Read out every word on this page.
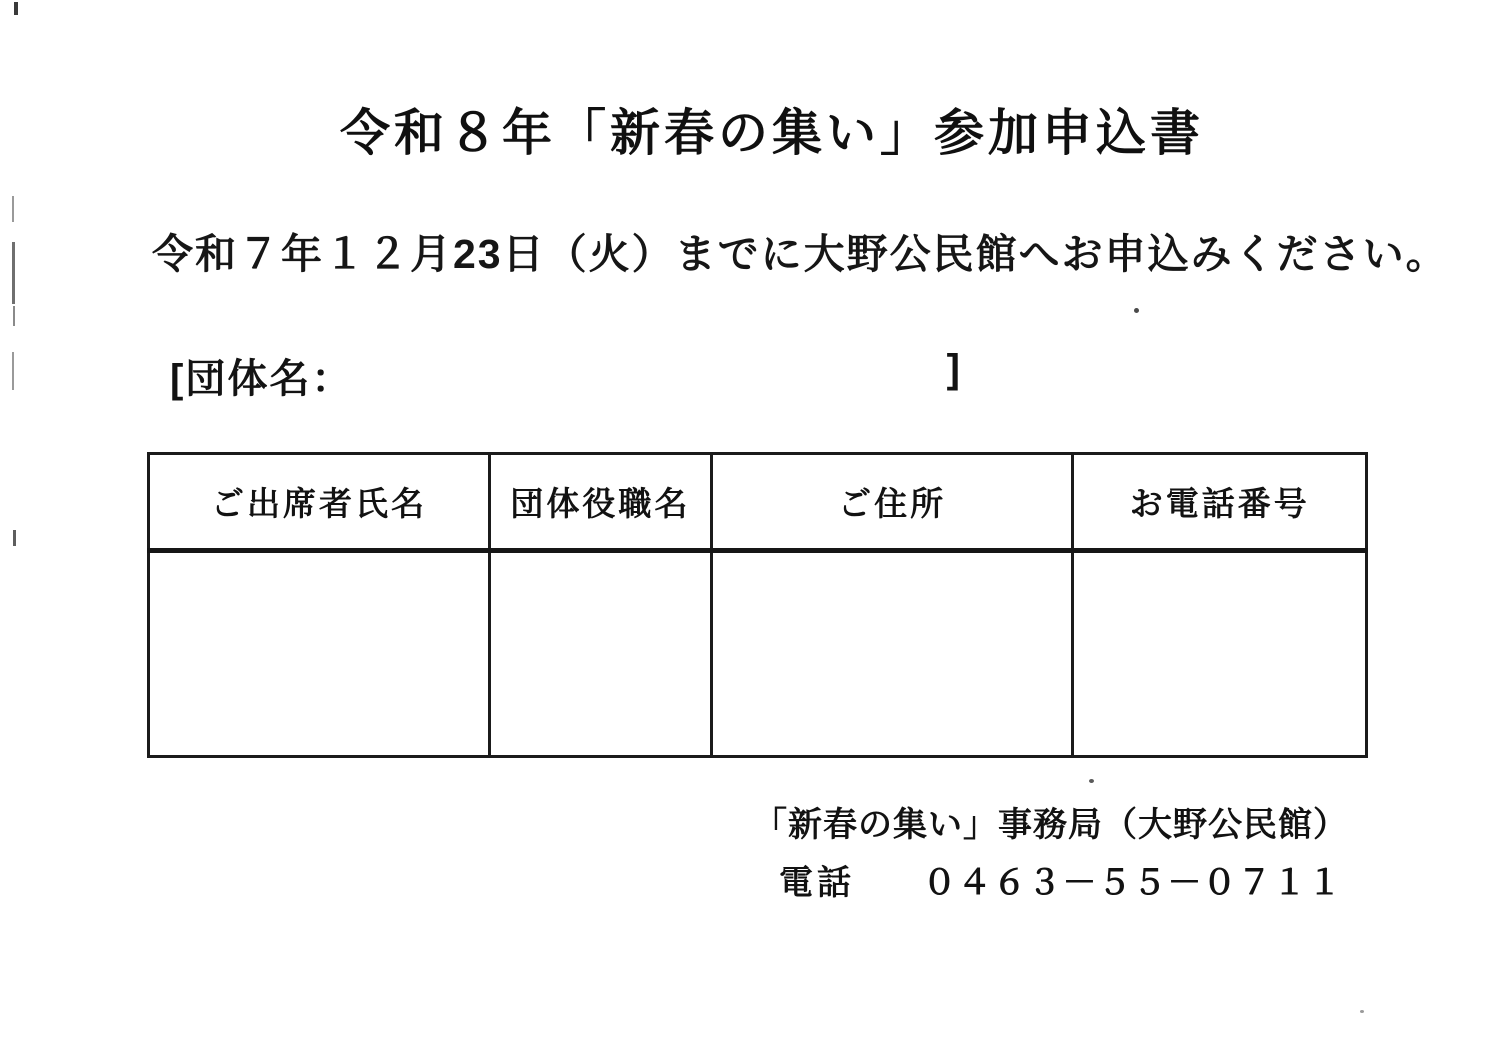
令和８年「新春の集い」参加申込書
令和７年１２月23日（火）までに大野公民館へお申込みください。
[団体名：	]
ご出席者氏名	団体役職名	ご住所	お電話番号

「新春の集い」事務局（大野公民館）
電話 ０４６３－５５－０７１１
